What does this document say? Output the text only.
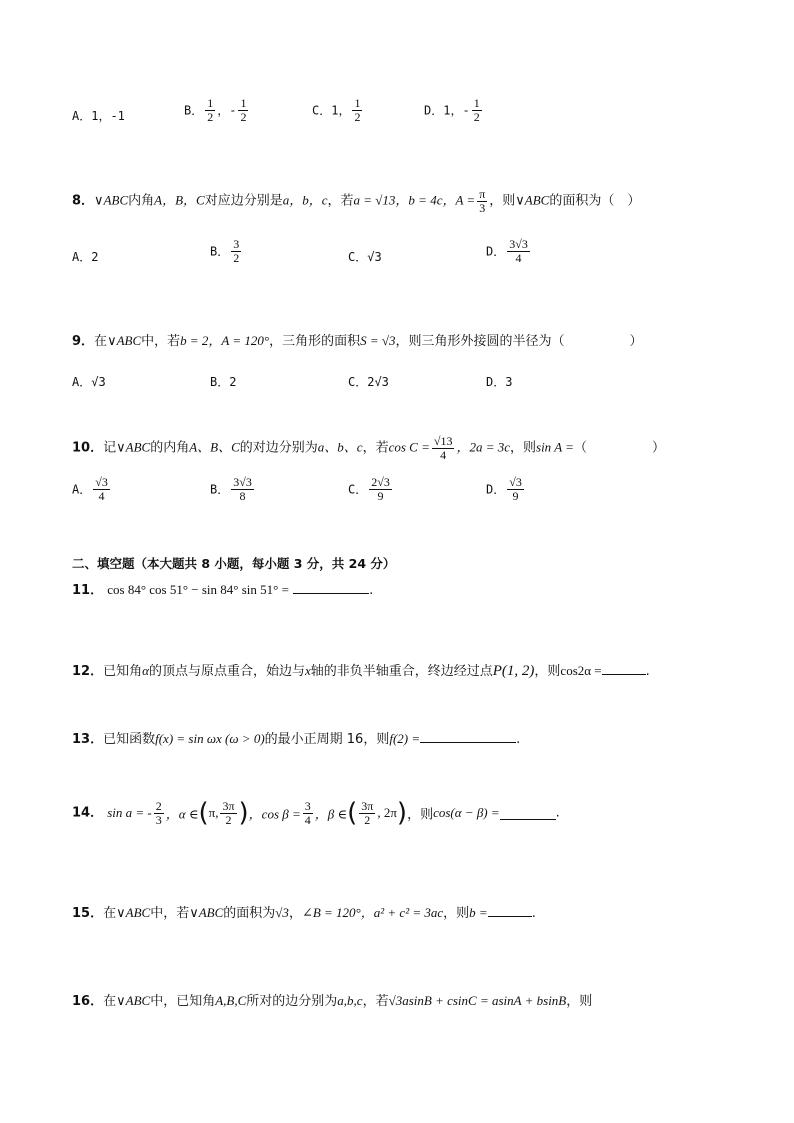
A．1，-1	B． $\frac{1}{2}$ ，- $\frac{1}{2}$	C．1， $\frac{1}{2}$	D．1，- $\frac{1}{2}$
8．∨ABC内角A，B，C对应边分别是a，b，c，若a = √13，b = 4c，$A = \frac{\pi}{3}$ ，则∨ABC的面积为（　）
A．2	B． $\frac{3}{2}$	C．√3	D． $\frac{3√3}{4}$
9．在∨ABC中，若b = 2，A = 120°，三角形的面积S = √3，则三角形外接圆的半径为（　　　　　）
A．√3	B．2	C．2√3	D．3
10．记∨ABC的内角A、B、C的对边分别为a、b、c，若$\cos C = \frac{√13}{4}$ ，2a = 3c，则sin A =（　　　　　）
A． $\frac{√3}{4}$	B． $\frac{3√3}{8}$	C． $\frac{2√3}{9}$	D． $\frac{√3}{9}$
二、填空题（本大题共 8 小题，每小题 3 分，共 24 分）
11． cos 84° cos 51° − sin 84° sin 51° =	.
12．已知角α的顶点与原点重合，始边与x轴的非负半轴重合，终边经过点P(1, 2)，则cos2α =	.
13．已知函数f(x) = sin ωx (ω > 0)的最小正周期 16，则f(2) =	.
14． sin a = - $\frac{2}{3}$ ，α ∈(π, $\frac{3\pi}{2}$ )，$\cos \beta = \frac{3}{4}$ ，β ∈( $\frac{3\pi}{2}$ , 2π)，则cos(α − β) =	.
15．在∨ABC中，若∨ABC的面积为√3，∠B = 120°，a² + c² = 3ac，则b =	.
16．在∨ABC中，已知角A,B,C所对的边分别为a,b,c，若√3asinB + csinC = asinA + bsinB，则
